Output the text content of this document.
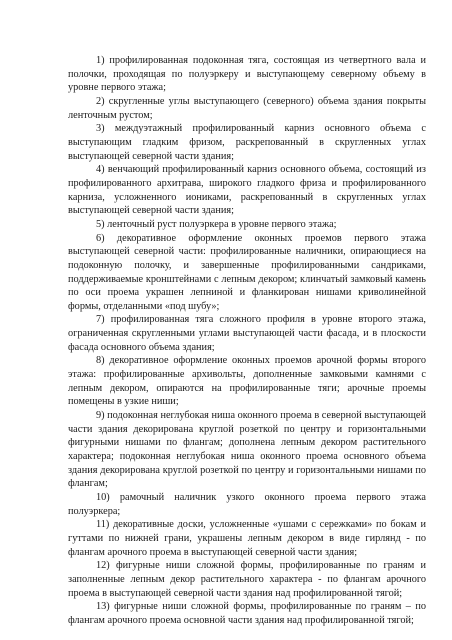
1) профилированная подоконная тяга, состоящая из четвертного вала и полочки, проходящая по полуэркеру и выступающему северному объему в уровне первого этажа;

2) скругленные углы выступающего (северного) объема здания покрыты ленточным рустом;

3) междуэтажный профилированный карниз основного объема с выступающим гладким фризом, раскрепованный в скругленных углах выступающей северной части здания;

4) венчающий профилированный карниз основного объема, состоящий из профилированного архитрава, широкого гладкого фриза и профилированного карниза, усложненного иониками, раскрепованный в скругленных углах выступающей северной части здания;

5) ленточный руст полуэркера в уровне первого этажа;

6) декоративное оформление оконных проемов первого этажа выступающей северной части: профилированные наличники, опирающиеся на подоконную полочку, и завершенные профилированными сандриками, поддерживаемые кронштейнами с лепным декором; клинчатый замковый камень по оси проема украшен лепниной и фланкирован нишами криволинейной формы, отделанными «под шубу»;

7) профилированная тяга сложного профиля в уровне второго этажа, ограниченная скругленными углами выступающей части фасада, и в плоскости фасада основного объема здания;

8) декоративное оформление оконных проемов арочной формы второго этажа: профилированные архивольты, дополненные замковыми камнями с лепным декором, опираются на профилированные тяги; арочные проемы помещены в узкие ниши;

9) подоконная неглубокая ниша оконного проема в северной выступающей части здания декорирована круглой розеткой по центру и горизонтальными фигурными нишами по флангам; дополнена лепным декором растительного характера; подоконная неглубокая ниша оконного проема основного объема здания декорирована круглой розеткой по центру и горизонтальными нишами по флангам;

10) рамочный наличник узкого оконного проема первого этажа полуэркера;

11) декоративные доски, усложненные «ушами с сережками» по бокам и гуттами по нижней грани, украшены лепным декором в виде гирлянд - по флангам арочного проема в выступающей северной части здания;

12) фигурные ниши сложной формы, профилированные по граням и заполненные лепным декор растительного характера - по флангам арочного проема в выступающей северной части здания над профилированной тягой;

13) фигурные ниши сложной формы, профилированные по граням – по флангам арочного проема основной части здания над профилированной тягой;
